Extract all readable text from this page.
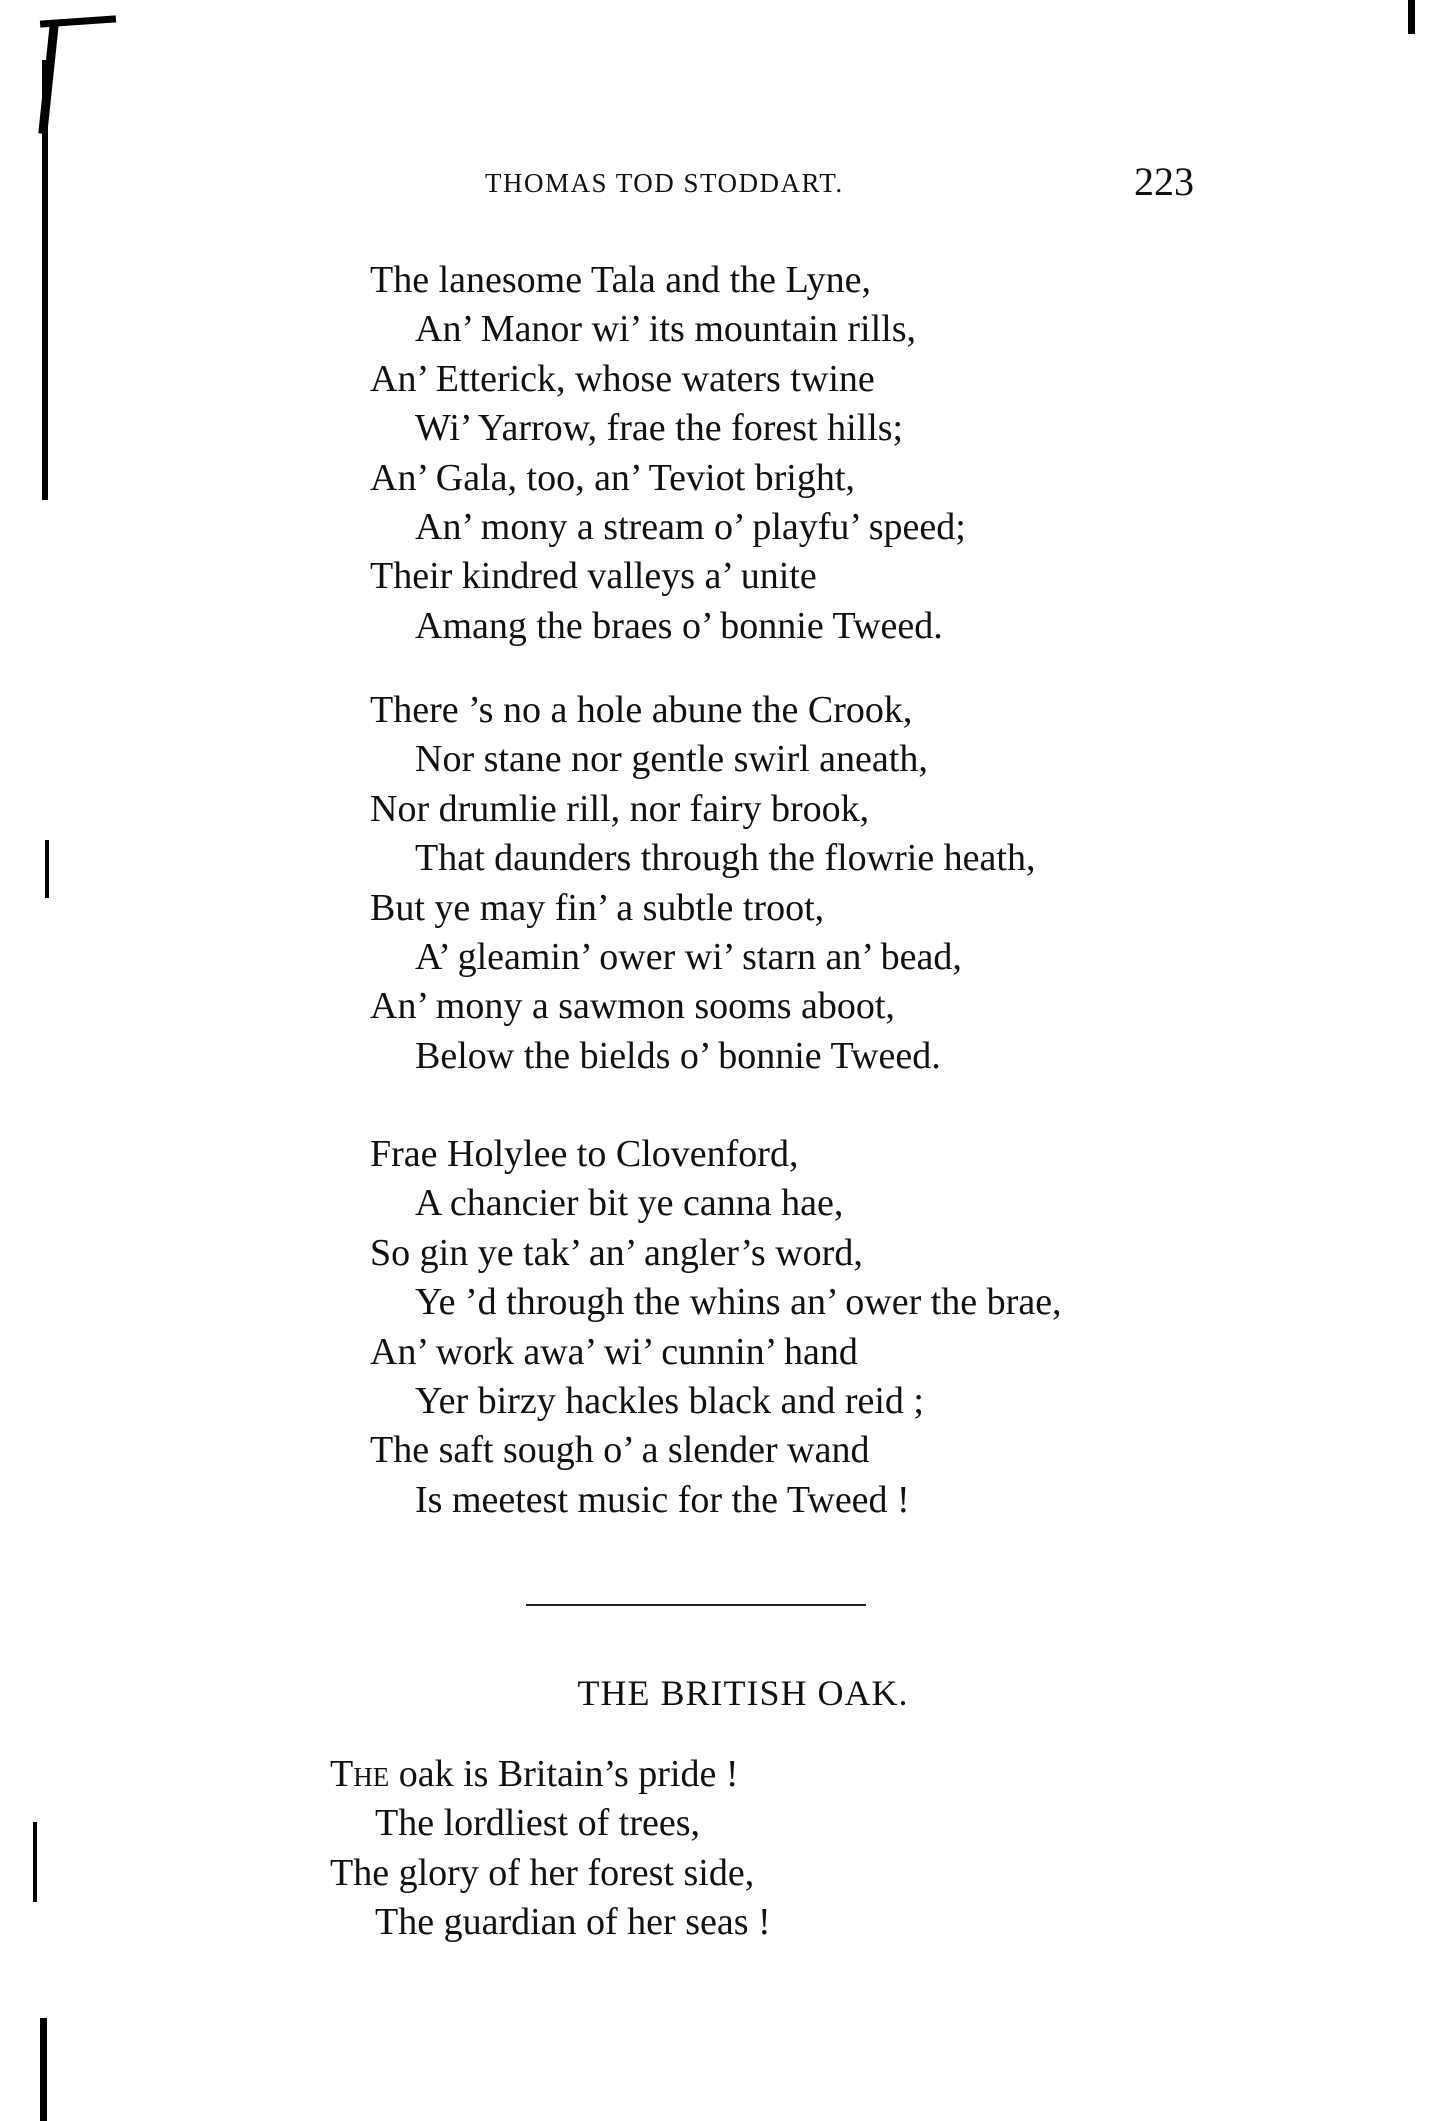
THOMAS TOD STODDART.	223
The lanesome Tala and the Lyne,
An’ Manor wi’ its mountain rills,
An’ Etterick, whose waters twine
Wi’ Yarrow, frae the forest hills;
An’ Gala, too, an’ Teviot bright,
An’ mony a stream o’ playfu’ speed;
Their kindred valleys a’ unite
Amang the braes o’ bonnie Tweed.
There ’s no a hole abune the Crook,
Nor stane nor gentle swirl aneath,
Nor drumlie rill, nor fairy brook,
That daunders through the flowrie heath,
But ye may fin’ a subtle troot,
A’ gleamin’ ower wi’ starn an’ bead,
An’ mony a sawmon sooms aboot,
Below the bields o’ bonnie Tweed.
Frae Holylee to Clovenford,
A chancier bit ye canna hae,
So gin ye tak’ an’ angler’s word,
Ye ’d through the whins an’ ower the brae,
An’ work awa’ wi’ cunnin’ hand
Yer birzy hackles black and reid ;
The saft sough o’ a slender wand
Is meetest music for the Tweed !
THE BRITISH OAK.
The oak is Britain’s pride !
The lordliest of trees,
The glory of her forest side,
The guardian of her seas !
